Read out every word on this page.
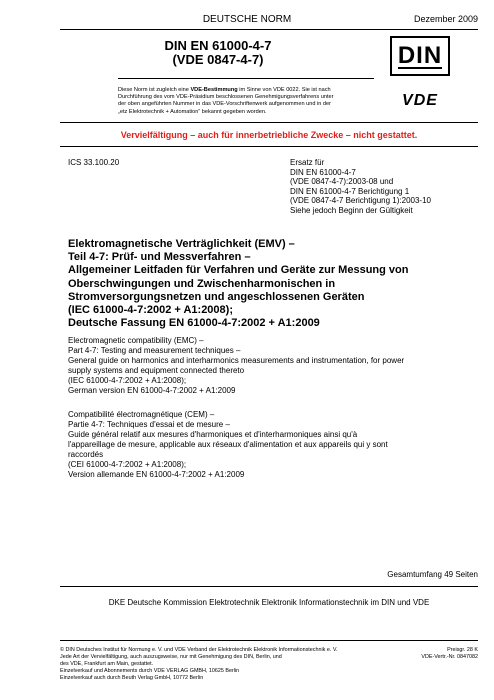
DEUTSCHE NORM	Dezember 2009
DIN EN 61000-4-7
(VDE 0847-4-7)	DIN
VDE
Diese Norm ist zugleich eine VDE-Bestimmung im Sinne von VDE 0022. Sie ist nach
Durchführung des vom VDE-Präsidium beschlossenen Genehmigungsverfahrens unter
der oben angeführten Nummer in das VDE-Vorschriftenwerk aufgenommen und in der
„etz Elektrotechnik + Automation“ bekannt gegeben worden.
Vervielfältigung – auch für innerbetriebliche Zwecke – nicht gestattet.
ICS 33.100.20	Ersatz für
DIN EN 61000-4-7
(VDE 0847-4-7):2003-08 und
DIN EN 61000-4-7 Berichtigung 1
(VDE 0847-4-7 Berichtigung 1):2003-10
Siehe jedoch Beginn der Gültigkeit
Elektromagnetische Verträglichkeit (EMV) –
Teil 4-7: Prüf- und Messverfahren –
Allgemeiner Leitfaden für Verfahren und Geräte zur Messung von
Oberschwingungen und Zwischenharmonischen in
Stromversorgungsnetzen und angeschlossenen Geräten
(IEC 61000-4-7:2002 + A1:2008);
Deutsche Fassung EN 61000-4-7:2002 + A1:2009
Electromagnetic compatibility (EMC) –
Part 4-7: Testing and measurement techniques –
General guide on harmonics and interharmonics measurements and instrumentation, for power
supply systems and equipment connected thereto
(IEC 61000-4-7:2002 + A1:2008);
German version EN 61000-4-7:2002 + A1:2009
Compatibilité électromagnétique (CEM) –
Partie 4-7: Techniques d'essai et de mesure –
Guide général relatif aux mesures d'harmoniques et d'interharmoniques ainsi qu'à
l'appareillage de mesure, applicable aux réseaux d'alimentation et aux appareils qui y sont
raccordés
(CEI 61000-4-7:2002 + A1:2008);
Version allemande EN 61000-4-7:2002 + A1:2009
Gesamtumfang 49 Seiten
DKE Deutsche Kommission Elektrotechnik Elektronik Informationstechnik im DIN und VDE
© DIN Deutsches Institut für Normung e. V. und VDE Verband der Elektrotechnik Elektronik Informationstechnik e. V.
Jede Art der Vervielfältigung, auch auszugsweise, nur mit Genehmigung des DIN, Berlin, und
des VDE, Frankfurt am Main, gestattet.
Einzelverkauf und Abonnements durch VDE VERLAG GMBH, 10625 Berlin
Einzelverkauf auch durch Beuth Verlag GmbH, 10772 Berlin
Preisgr. 28 K
VDE-Vertr.-Nr. 0847082
